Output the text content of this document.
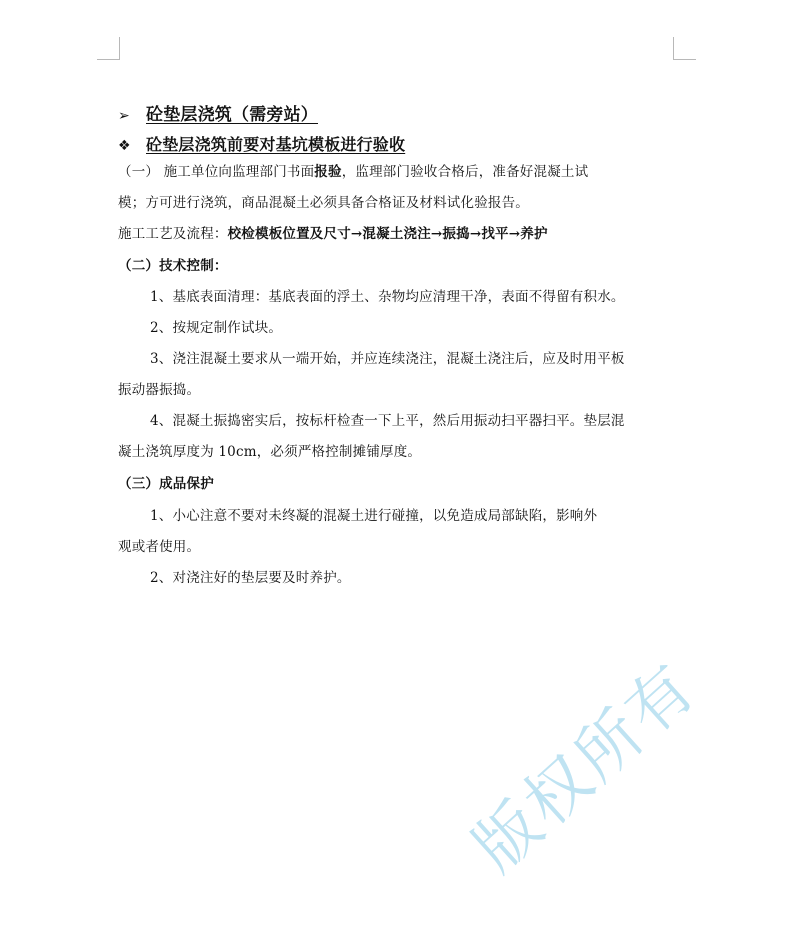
➢ 砼垫层浇筑（需旁站）
❖ 砼垫层浇筑前要对基坑模板进行验收
（一） 施工单位向监理部门书面报验，监理部门验收合格后，准备好混凝土试
模；方可进行浇筑，商品混凝土必须具备合格证及材料试化验报告。
施工工艺及流程：校检模板位置及尺寸→混凝土浇注→振捣→找平→养护
（二）技术控制：
1、基底表面清理：基底表面的浮土、杂物均应清理干净，表面不得留有积水。
2、按规定制作试块。
3、浇注混凝土要求从一端开始，并应连续浇注，混凝土浇注后，应及时用平板
振动器振捣。
4、混凝土振捣密实后，按标杆检查一下上平，然后用振动扫平器扫平。垫层混
凝土浇筑厚度为 10cm，必须严格控制摊铺厚度。
（三）成品保护
1、小心注意不要对未终凝的混凝土进行碰撞，以免造成局部缺陷，影响外
观或者使用。
2、对浇注好的垫层要及时养护。
版权所有
